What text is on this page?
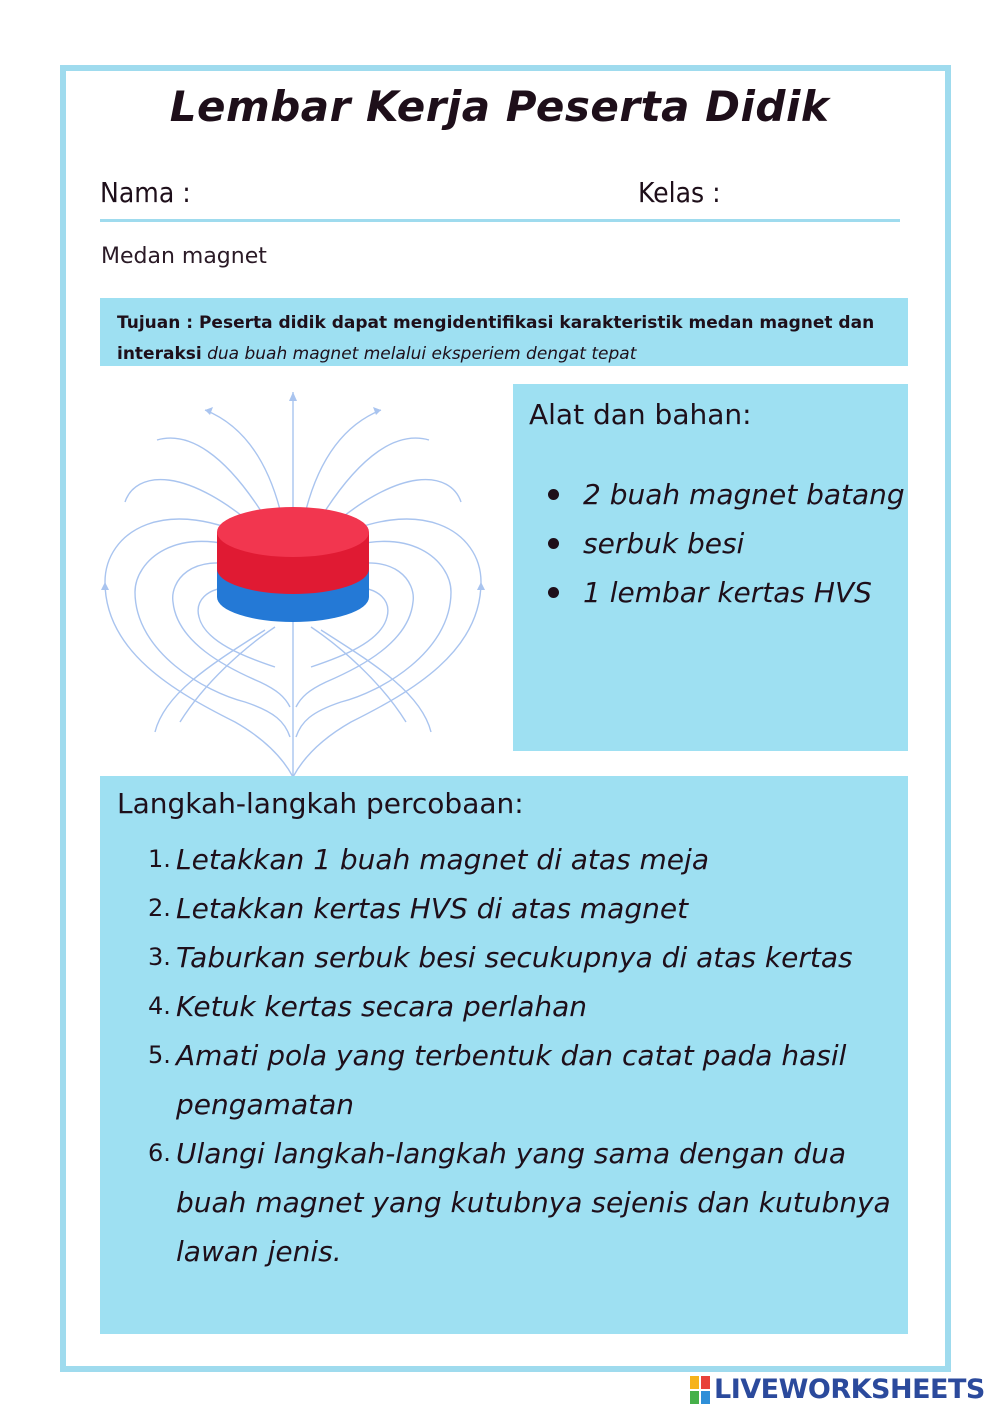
Lembar Kerja Peserta Didik
Nama :	Kelas :
Medan magnet
Tujuan : Peserta didik dapat mengidentifikasi karakteristik medan magnet dan interaksi dua buah magnet melalui eksperiem dengat tepat
Alat dan bahan:
2 buah magnet batang
serbuk besi
1 lembar kertas HVS
Langkah-langkah percobaan:
1. Letakkan 1 buah magnet di atas meja
2. Letakkan kertas HVS di atas magnet
3. Taburkan serbuk besi secukupnya di atas kertas
4. Ketuk kertas secara perlahan
5. Amati pola yang terbentuk dan catat pada hasil pengamatan
6. Ulangi langkah-langkah yang sama dengan dua buah magnet yang kutubnya sejenis dan kutubnya lawan jenis.
LIVEWORKSHEETS
